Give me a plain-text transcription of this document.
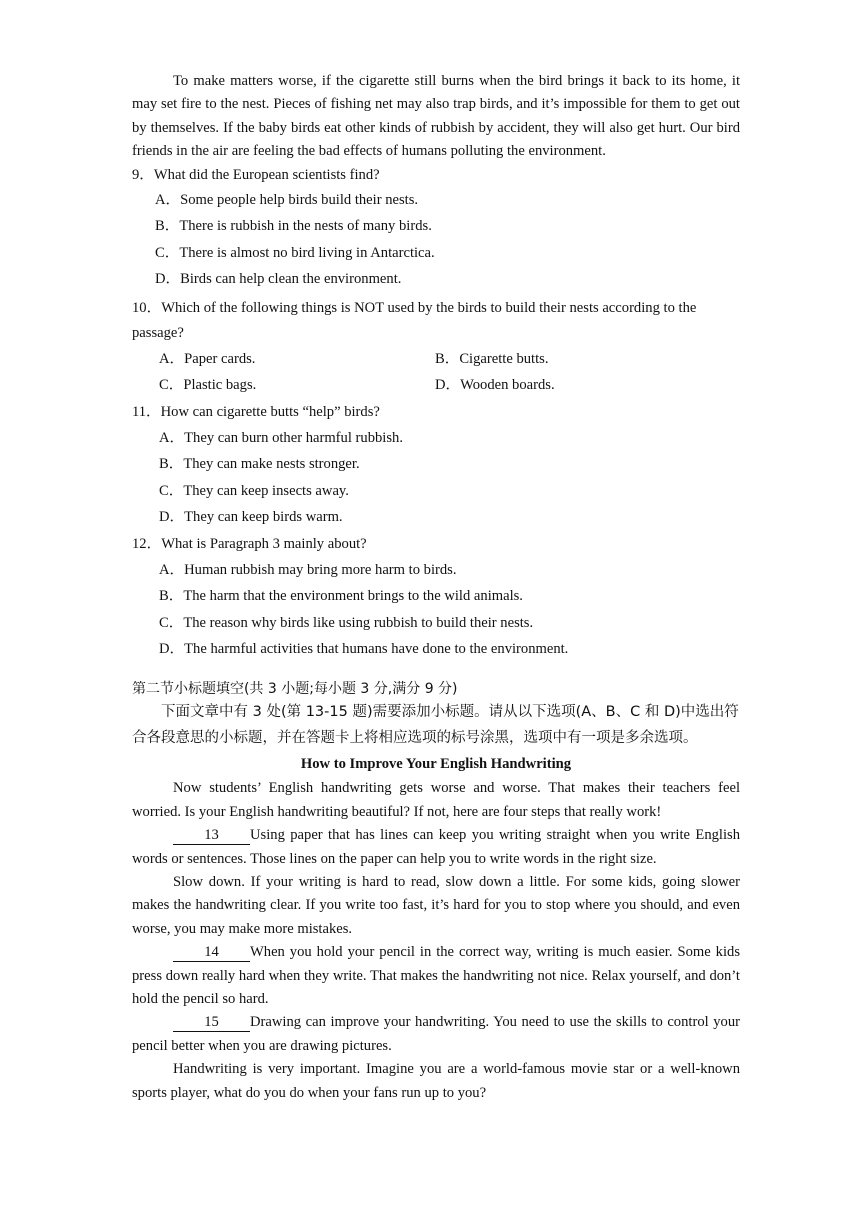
To make matters worse, if the cigarette still burns when the bird brings it back to its home, it may set fire to the nest. Pieces of fishing net may also trap birds, and it’s impossible for them to get out by themselves. If the baby birds eat other kinds of rubbish by accident, they will also get hurt. Our bird friends in the air are feeling the bad effects of humans polluting the environment.

9．What did the European scientists find?

A．Some people help birds build their nests.
B．There is rubbish in the nests of many birds.
C．There is almost no bird living in Antarctica.
D．Birds can help clean the environment.

10．Which of the following things is NOT used by the birds to build their nests according to the passage?

A．Paper cards.	B．Cigarette butts.
C．Plastic bags.	D．Wooden boards.

11．How can cigarette butts “help” birds?

A．They can burn other harmful rubbish.
B．They can make nests stronger.
C．They can keep insects away.
D．They can keep birds warm.

12．What is Paragraph 3 mainly about?

A．Human rubbish may bring more harm to birds.
B．The harm that the environment brings to the wild animals.
C．The reason why birds like using rubbish to build their nests.
D．The harmful activities that humans have done to the environment.

第二节小标题填空(共 3 小题;每小题 3 分,满分 9 分)

下面文章中有 3 处(第 13-15 题)需要添加小标题。请从以下选项(A、B、C 和 D)中选出符合各段意思的小标题，并在答题卡上将相应选项的标号涂黑，选项中有一项是多余选项。

How to Improve Your English Handwriting

Now students’ English handwriting gets worse and worse. That makes their teachers feel worried. Is your English handwriting beautiful? If not, here are four steps that really work!

13 Using paper that has lines can keep you writing straight when you write English words or sentences. Those lines on the paper can help you to write words in the right size.

Slow down. If your writing is hard to read, slow down a little. For some kids, going slower makes the handwriting clear. If you write too fast, it’s hard for you to stop where you should, and even worse, you may make more mistakes.

14 When you hold your pencil in the correct way, writing is much easier. Some kids press down really hard when they write. That makes the handwriting not nice. Relax yourself, and don’t hold the pencil so hard.

15 Drawing can improve your handwriting. You need to use the skills to control your pencil better when you are drawing pictures.

Handwriting is very important. Imagine you are a world-famous movie star or a well-known sports player, what do you do when your fans run up to you?
